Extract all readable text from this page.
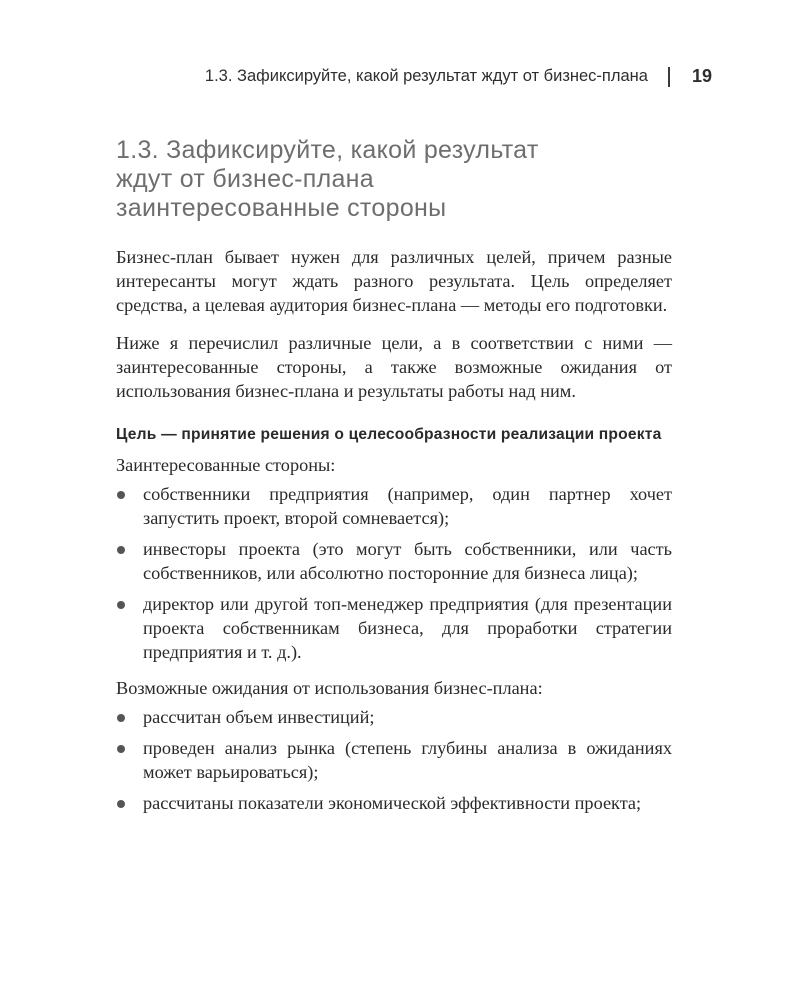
1.3. Зафиксируйте, какой результат ждут от бизнес-плана 19
1.3. Зафиксируйте, какой результат
ждут от бизнес-плана
заинтересованные стороны

Бизнес-план бывает нужен для различных целей, причем разные интересанты могут ждать разного результата. Цель определяет средства, а целевая аудитория бизнес-плана — методы его подготовки.

Ниже я перечислил различные цели, а в соответствии с ними — заинтересованные стороны, а также возможные ожидания от использования бизнес-плана и результаты работы над ним.

Цель — принятие решения о целесообразности реализации проекта

Заинтересованные стороны:

собственники предприятия (например, один партнер хочет запустить проект, второй сомневается);
инвесторы проекта (это могут быть собственники, или часть собственников, или абсолютно посторонние для бизнеса лица);
директор или другой топ-менеджер предприятия (для презентации проекта собственникам бизнеса, для проработки стратегии предприятия и т. д.).

Возможные ожидания от использования бизнес-плана:

рассчитан объем инвестиций;
проведен анализ рынка (степень глубины анализа в ожиданиях может варьироваться);
рассчитаны показатели экономической эффективности проекта;
